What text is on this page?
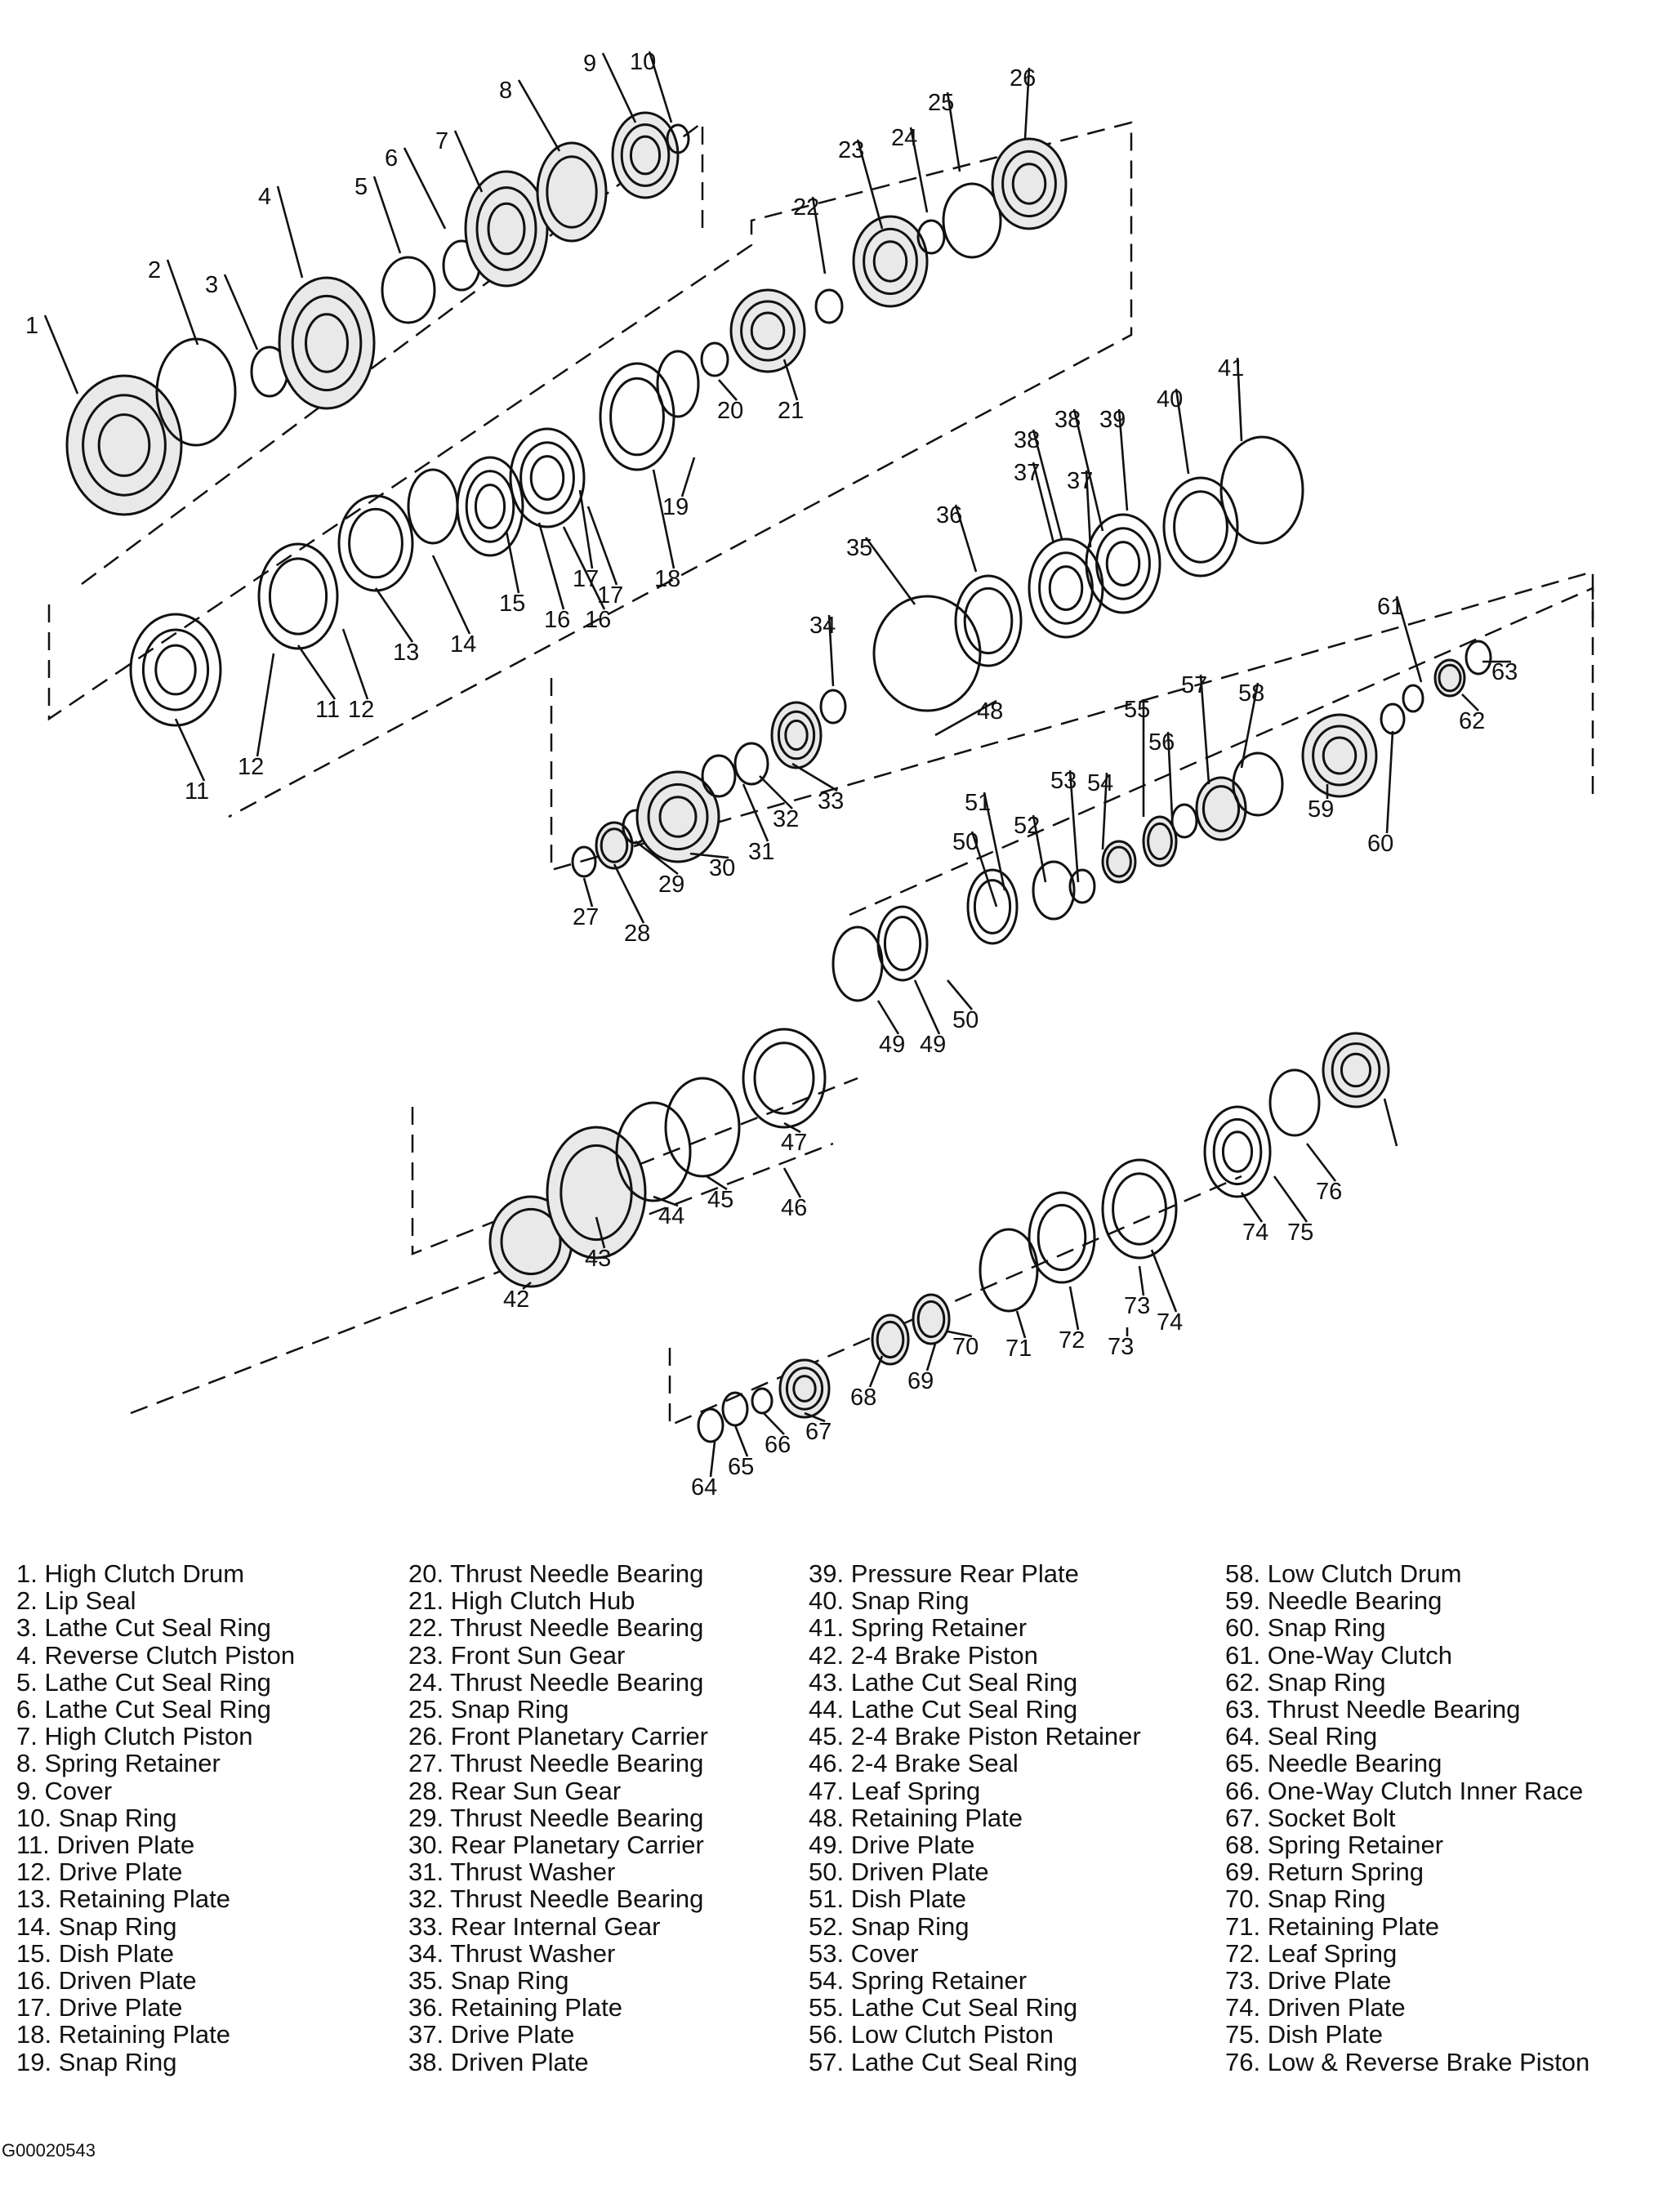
1
2
3
4	5
6
7
8
9 10
11
11
12
12
13 14
15
16 16
17
17
18
19
20 21
22
23 24
25
26
27
28
29
30
31
32
33
34
35
36
37 37
38
38 39
40
41
42
43
44
45 46
47
48
49 49
50
50
51
52
53 54
55
56
57 58
59
60
61
62
63
64
65
66 67
68
69
70 71 72 73
73
74
74
75
76
1. High Clutch Drum
2. Lip Seal
3. Lathe Cut Seal Ring
4. Reverse Clutch Piston
5. Lathe Cut Seal Ring
6. Lathe Cut Seal Ring
7. High Clutch Piston
8. Spring Retainer
9. Cover
10. Snap Ring
11. Driven Plate
12. Drive Plate
13. Retaining Plate
14. Snap Ring
15. Dish Plate
16. Driven Plate
17. Drive Plate
18. Retaining Plate
19. Snap Ring
20. Thrust Needle Bearing
21. High Clutch Hub
22. Thrust Needle Bearing
23. Front Sun Gear
24. Thrust Needle Bearing
25. Snap Ring
26. Front Planetary Carrier
27. Thrust Needle Bearing
28. Rear Sun Gear
29. Thrust Needle Bearing
30. Rear Planetary Carrier
31. Thrust Washer
32. Thrust Needle Bearing
33. Rear Internal Gear
34. Thrust Washer
35. Snap Ring
36. Retaining Plate
37. Drive Plate
38. Driven Plate
39. Pressure Rear Plate
40. Snap Ring
41. Spring Retainer
42. 2-4 Brake Piston
43. Lathe Cut Seal Ring
44. Lathe Cut Seal Ring
45. 2-4 Brake Piston Retainer
46. 2-4 Brake Seal
47. Leaf Spring
48. Retaining Plate
49. Drive Plate
50. Driven Plate
51. Dish Plate
52. Snap Ring
53. Cover
54. Spring Retainer
55. Lathe Cut Seal Ring
56. Low Clutch Piston
57. Lathe Cut Seal Ring
58. Low Clutch Drum
59. Needle Bearing
60. Snap Ring
61. One-Way Clutch
62. Snap Ring
63. Thrust Needle Bearing
64. Seal Ring
65. Needle Bearing
66. One-Way Clutch Inner Race
67. Socket Bolt
68. Spring Retainer
69. Return Spring
70. Snap Ring
71. Retaining Plate
72. Leaf Spring
73. Drive Plate
74. Driven Plate
75. Dish Plate
76. Low & Reverse Brake Piston
G00020543
